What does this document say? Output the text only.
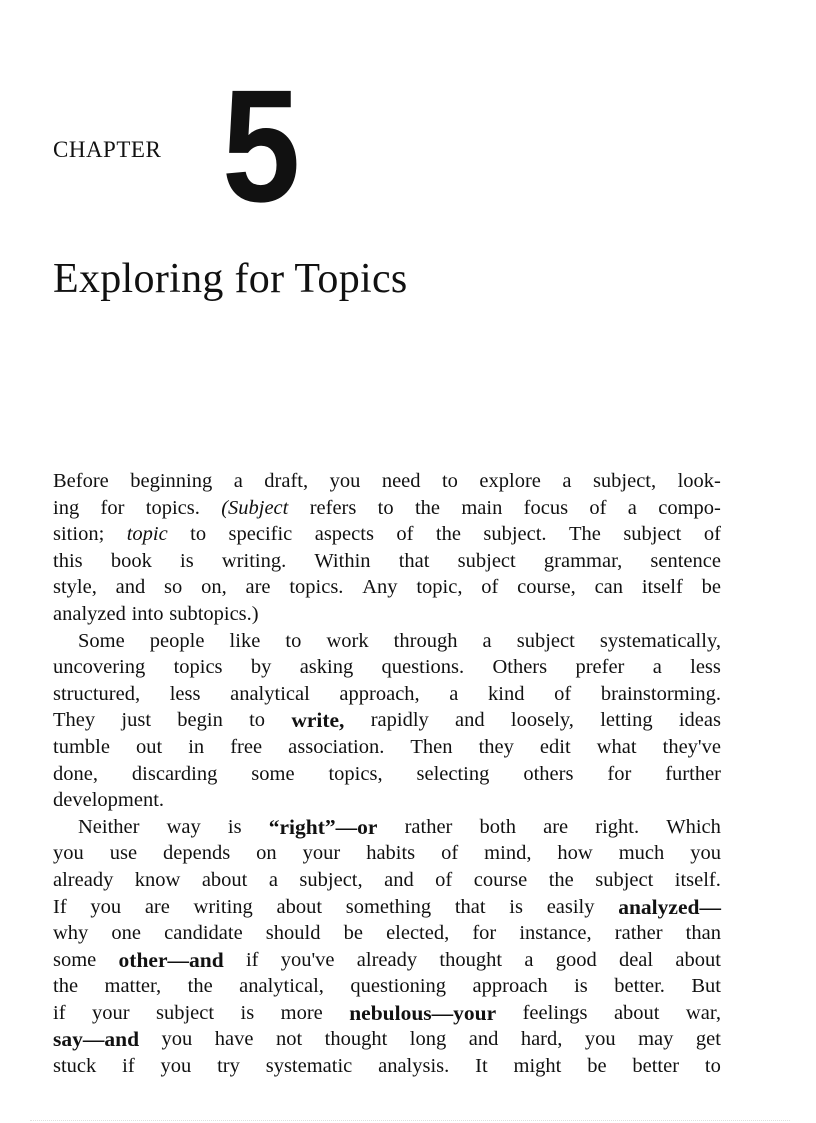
CHAPTER 5
Exploring for Topics
Before beginning a draft, you need to explore a subject, look-
ing for topics. (Subject refers to the main focus of a compo-
sition; topic to specific aspects of the subject. The subject of
this book is writing. Within that subject grammar, sentence
style, and so on, are topics. Any topic, of course, can itself be
analyzed into subtopics.)
Some people like to work through a subject systematically,
uncovering topics by asking questions. Others prefer a less
structured, less analytical approach, a kind of brainstorming.
They just begin to write, rapidly and loosely, letting ideas
tumble out in free association. Then they edit what they've
done, discarding some topics, selecting others for further
development.
Neither way is “right”—or rather both are right. Which
you use depends on your habits of mind, how much you
already know about a subject, and of course the subject itself.
If you are writing about something that is easily analyzed—
why one candidate should be elected, for instance, rather than
some other—and if you've already thought a good deal about
the matter, the analytical, questioning approach is better. But
if your subject is more nebulous—your feelings about war,
say—and you have not thought long and hard, you may get
stuck if you try systematic analysis. It might be better to
